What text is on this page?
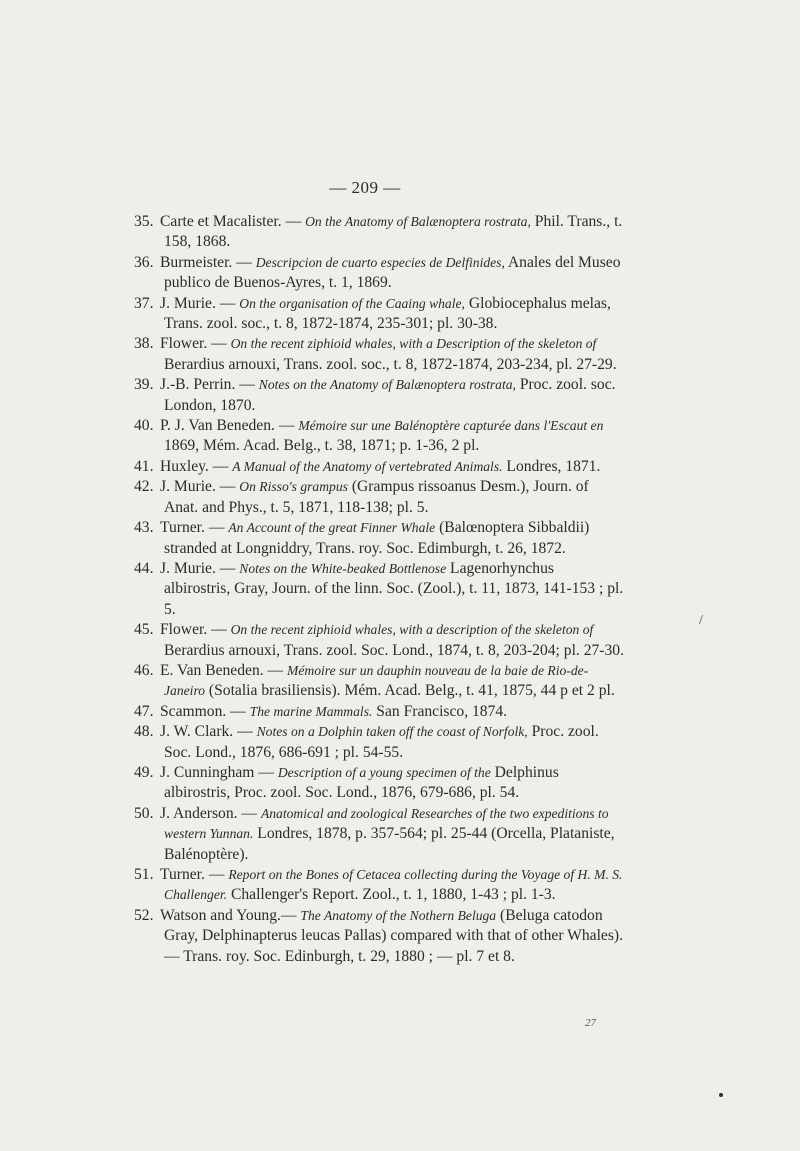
— 209 —
35. Carte et Macalister. — On the Anatomy of Balænoptera rostrata, Phil. Trans., t. 158, 1868.
36. Burmeister. — Descripcion de cuarto especies de Delfinides, Anales del Museo publico de Buenos-Ayres, t. 1, 1869.
37. J. Murie. — On the organisation of the Caaing whale, Globiocephalus melas, Trans. zool. soc., t. 8, 1872-1874, 235-301; pl. 30-38.
38. Flower. — On the recent ziphioid whales, with a Description of the skeleton of Berardius arnouxi, Trans. zool. soc., t. 8, 1872-1874, 203-234, pl. 27-29.
39. J.-B. Perrin. — Notes on the Anatomy of Balænoptera rostrata, Proc. zool. soc. London, 1870.
40. P. J. Van Beneden. — Mémoire sur une Balénoptère capturée dans l'Escaut en 1869, Mém. Acad. Belg., t. 38, 1871; p. 1-36, 2 pl.
41. Huxley. — A Manual of the Anatomy of vertebrated Animals. Londres, 1871.
42. J. Murie. — On Risso's grampus (Grampus rissoanus Desm.), Journ. of Anat. and Phys., t. 5, 1871, 118-138; pl. 5.
43. Turner. — An Account of the great Finner Whale (Balœnoptera Sibbaldii) stranded at Longniddry, Trans. roy. Soc. Edimburgh, t. 26, 1872.
44. J. Murie. — Notes on the White-beaked Bottlenose Lagenorhynchus albirostris, Gray, Journ. of the linn. Soc. (Zool.), t. 11, 1873, 141-153 ; pl. 5.
45. Flower. — On the recent ziphioid whales, with a description of the skeleton of Berardius arnouxi, Trans. zool. Soc. Lond., 1874, t. 8, 203-204; pl. 27-30.
46. E. Van Beneden. — Mémoire sur un dauphin nouveau de la baie de Rio-de-Janeiro (Sotalia brasiliensis). Mém. Acad. Belg., t. 41, 1875, 44 p et 2 pl.
47. Scammon. — The marine Mammals. San Francisco, 1874.
48. J. W. Clark. — Notes on a Dolphin taken off the coast of Norfolk, Proc. zool. Soc. Lond., 1876, 686-691 ; pl. 54-55.
49. J. Cunningham — Description of a young specimen of the Delphinus albirostris, Proc. zool. Soc. Lond., 1876, 679-686, pl. 54.
50. J. Anderson. — Anatomical and zoological Researches of the two expeditions to western Yunnan. Londres, 1878, p. 357-564; pl. 25-44 (Orcella, Plataniste, Balénoptère).
51. Turner. — Report on the Bones of Cetacea collecting during the Voyage of H. M. S. Challenger. Challenger's Report. Zool., t. 1, 1880, 1-43 ; pl. 1-3.
52. Watson and Young.— The Anatomy of the Nothern Beluga (Beluga catodon Gray, Delphinapterus leucas Pallas) compared with that of other Whales). — Trans. roy. Soc. Edinburgh, t. 29, 1880 ; — pl. 7 et 8.
/
27
